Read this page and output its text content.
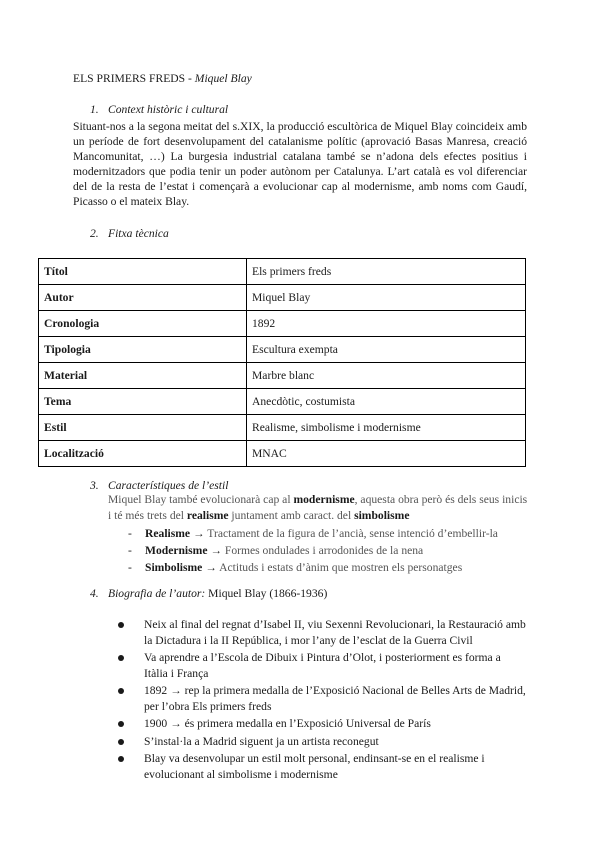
ELS PRIMERS FREDS - Miquel Blay
1. Context històric i cultural
Situant-nos a la segona meitat del s.XIX, la producció escultòrica de Miquel Blay coincideix amb un període de fort desenvolupament del catalanisme polític (aprovació Basas Manresa, creació Mancomunitat, …) La burgesia industrial catalana també se n’adona dels efectes positius i modernitzadors que podia tenir un poder autònom per Catalunya. L’art català es vol diferenciar del de la resta de l’estat i començarà a evolucionar cap al modernisme, amb noms com Gaudí, Picasso o el mateix Blay.
2. Fitxa tècnica
Títol	Els primers freds
Autor	Miquel Blay
Cronologia	1892
Tipologia	Escultura exempta
Material	Marbre blanc
Tema	Anecdòtic, costumista
Estil	Realisme, simbolisme i modernisme
Localització	MNAC
3. Característiques de l’estil
Miquel Blay també evolucionarà cap al modernisme, aquesta obra però és dels seus inicis i té més trets del realisme juntament amb caract. del simbolisme
- Realisme → Tractament de la figura de l’ancià, sense intenció d’embellir-la
- Modernisme → Formes ondulades i arrodonides de la nena
- Simbolisme → Actituds i estats d’ànim que mostren els personatges
4. Biografia de l’autor: Miquel Blay (1866-1936)
Neix al final del regnat d’Isabel II, viu Sexenni Revolucionari, la Restauració amb la Dictadura i la II República, i mor l’any de l’esclat de la Guerra Civil
Va aprendre a l’Escola de Dibuix i Pintura d’Olot, i posteriorment es forma a Itàlia i França
1892 → rep la primera medalla de l’Exposició Nacional de Belles Arts de Madrid, per l’obra Els primers freds
1900 → és primera medalla en l’Exposició Universal de París
S’instal·la a Madrid siguent ja un artista reconegut
Blay va desenvolupar un estil molt personal, endinsant-se en el realisme i evolucionant al simbolisme i modernisme
